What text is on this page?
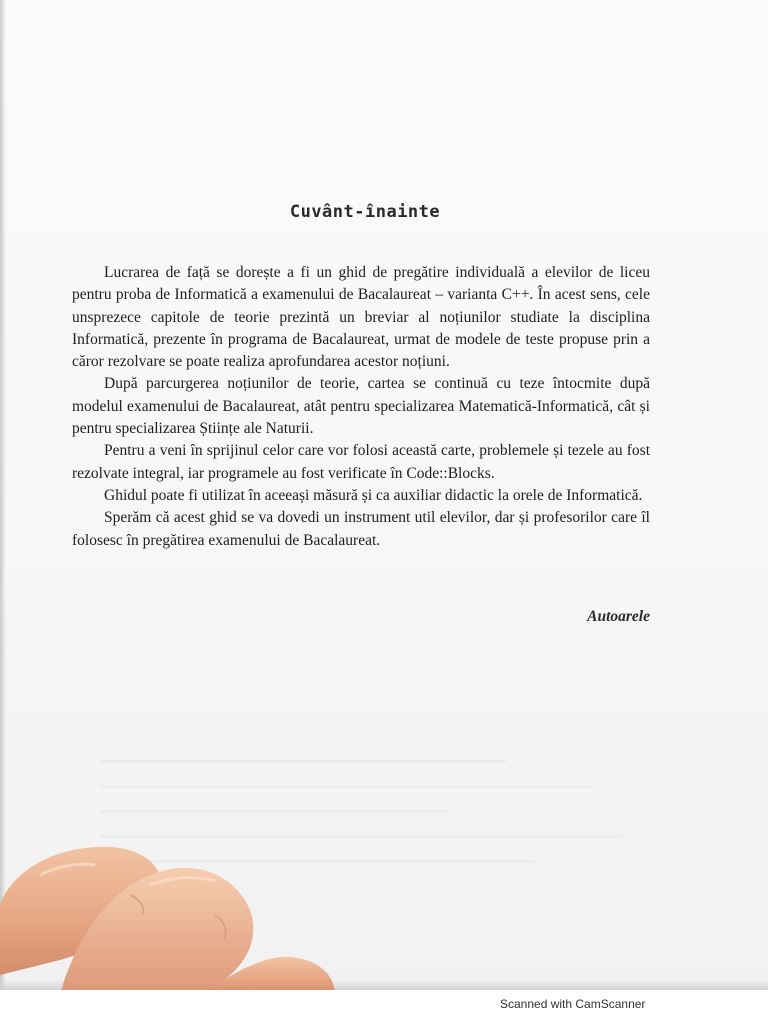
Cuvânt-înainte

Lucrarea de față se dorește a fi un ghid de pregătire individuală a elevilor de liceu pentru proba de Informatică a examenului de Bacalaureat – varianta C++. În acest sens, cele unsprezece capitole de teorie prezintă un breviar al noțiunilor studiate la disciplina Informatică, prezente în programa de Bacalaureat, urmat de modele de teste propuse prin a căror rezolvare se poate realiza aprofundarea acestor noțiuni.

După parcurgerea noțiunilor de teorie, cartea se continuă cu teze întocmite după modelul examenului de Bacalaureat, atât pentru specializarea Matematică-Informatică, cât și pentru specializarea Științe ale Naturii.

Pentru a veni în sprijinul celor care vor folosi această carte, problemele și tezele au fost rezolvate integral, iar programele au fost verificate în Code::Blocks.

Ghidul poate fi utilizat în aceeași măsură și ca auxiliar didactic la orele de Informatică.

Sperăm că acest ghid se va dovedi un instrument util elevilor, dar și profesorilor care îl folosesc în pregătirea examenului de Bacalaureat.

Autoarele
Scanned with CamScanner
